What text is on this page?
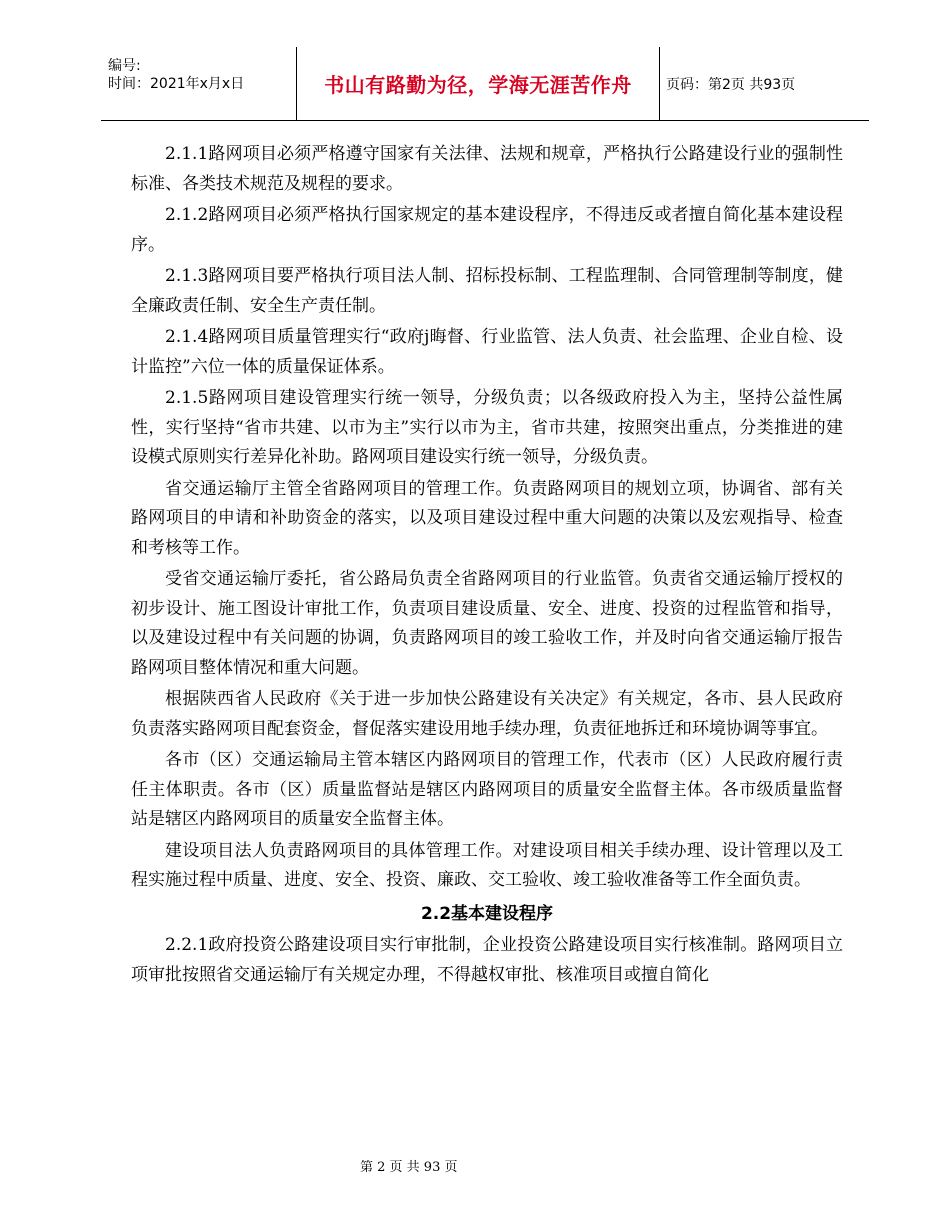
编号:
时间：2021年x月x日	书山有路勤为径，学海无涯苦作舟	页码：第2页 共93页

2.1.1路网项目必须严格遵守国家有关法律、法规和规章，严格执行公路建设行业的强制性标准、各类技术规范及规程的要求。

2.1.2路网项目必须严格执行国家规定的基本建设程序，不得违反或者擅自简化基本建设程序。

2.1.3路网项目要严格执行项目法人制、招标投标制、工程监理制、合同管理制等制度，健全廉政责任制、安全生产责任制。

2.1.4路网项目质量管理实行“政府j晦督、行业监管、法人负责、社会监理、企业自检、设计监控”六位一体的质量保证体系。

2.1.5路网项目建设管理实行统一领导，分级负责；以各级政府投入为主，坚持公益性属性，实行坚持“省市共建、以市为主”实行以市为主，省市共建，按照突出重点，分类推进的建设模式原则实行差异化补助。路网项目建设实行统一领导，分级负责。

省交通运输厅主管全省路网项目的管理工作。负责路网项目的规划立项，协调省、部有关路网项目的申请和补助资金的落实，以及项目建设过程中重大问题的决策以及宏观指导、检查和考核等工作。

受省交通运输厅委托，省公路局负责全省路网项目的行业监管。负责省交通运输厅授权的初步设计、施工图设计审批工作，负责项目建设质量、安全、进度、投资的过程监管和指导，以及建设过程中有关问题的协调，负责路网项目的竣工验收工作，并及时向省交通运输厅报告路网项目整体情况和重大问题。

根据陕西省人民政府《关于进一步加快公路建设有关决定》有关规定，各市、县人民政府负责落实路网项目配套资金，督促落实建设用地手续办理，负责征地拆迁和环境协调等事宜。

各市（区）交通运输局主管本辖区内路网项目的管理工作，代表市（区）人民政府履行责任主体职责。各市（区）质量监督站是辖区内路网项目的质量安全监督主体。各市级质量监督站是辖区内路网项目的质量安全监督主体。

建设项目法人负责路网项目的具体管理工作。对建设项目相关手续办理、设计管理以及工程实施过程中质量、进度、安全、投资、廉政、交工验收、竣工验收准备等工作全面负责。

2.2基本建设程序

2.2.1政府投资公路建设项目实行审批制，企业投资公路建设项目实行核准制。路网项目立项审批按照省交通运输厅有关规定办理，不得越权审批、核准项目或擅自简化

第 2 页 共 93 页
